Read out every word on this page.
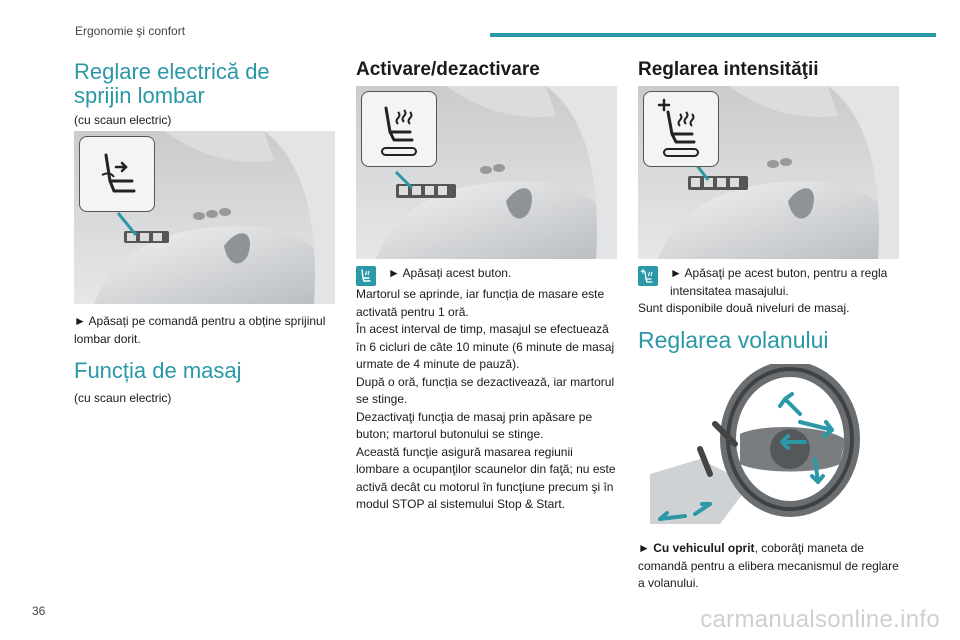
Ergonomie şi confort
Reglare electrică de sprijin lombar
(cu scaun electric)
► Apăsați pe comandă pentru a obține sprijinul lombar dorit.
Funcția de masaj
(cu scaun electric)
Activare/dezactivare

► Apăsați acest buton.

Martorul se aprinde, iar funcția de masare este activată pentru 1 oră.

În acest interval de timp, masajul se efectuează în 6 cicluri de câte 10 minute (6 minute de masaj urmate de 4 minute de pauză).

După o oră, funcția se dezactivează, iar martorul se stinge.

Dezactivaţi funcţia de masaj prin apăsare pe buton; martorul butonului se stinge.

Această funcţie asigură masarea regiunii lombare a ocupanţilor scaunelor din faţă; nu este activă decât cu motorul în funcţiune precum şi în modul STOP al sistemului Stop & Start.

Reglarea intensităţii

► Apăsaţi pe acest buton, pentru a regla intensitatea masajului.

Sunt disponibile două niveluri de masaj.

Reglarea volanului
► Cu vehiculul oprit, coborâţi maneta de comandă pentru a elibera mecanismul de reglare a volanului.
36	carmanualsonline.info
